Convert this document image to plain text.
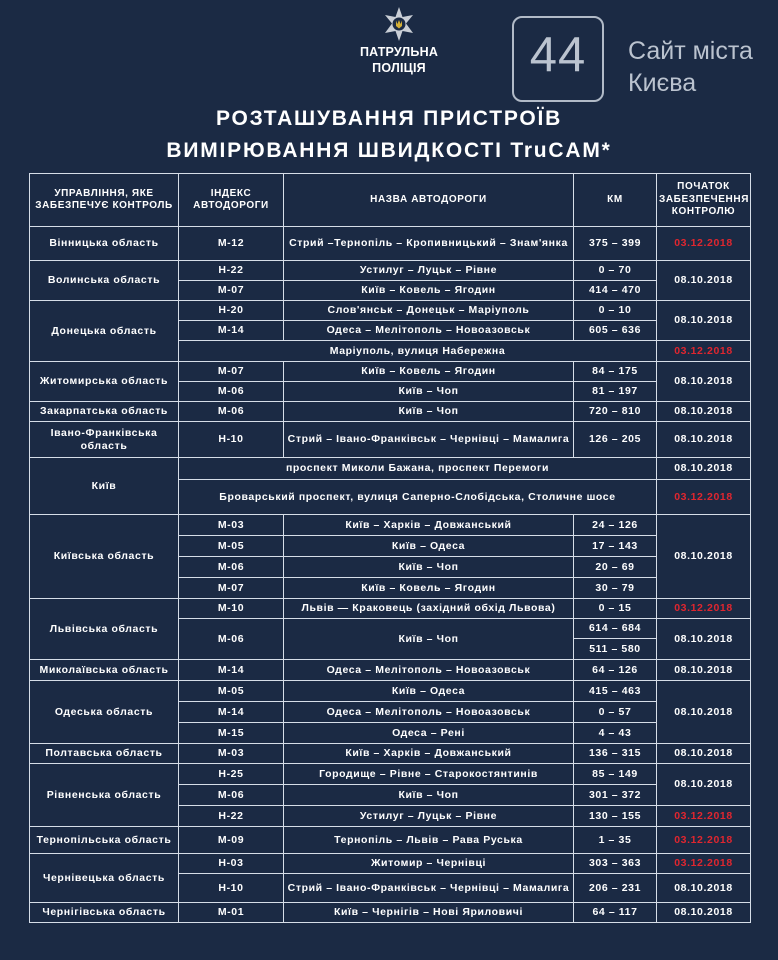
ПАТРУЛЬНА
ПОЛІЦІЯ	44	Сайт міста
Києва
РОЗТАШУВАННЯ ПРИСТРОЇВ
ВИМІРЮВАННЯ ШВИДКОСТІ TruCAM*
УПРАВЛІННЯ, ЯКЕ ЗАБЕЗПЕЧУЄ КОНТРОЛЬ	ІНДЕКС АВТОДОРОГИ	НАЗВА АВТОДОРОГИ	КМ	ПОЧАТОК ЗАБЕЗПЕЧЕННЯ КОНТРОЛЮ
Вінницька область	М-12	Стрий –Тернопіль – Кропивницький – Знам'янка	375 – 399	03.12.2018
Волинська область	Н-22	Устилуг – Луцьк – Рівне	0 – 70	08.10.2018
	М-07	Київ – Ковель – Ягодин	414 – 470	
Донецька область	Н-20	Слов'янськ – Донецьк – Маріуполь	0 – 10	08.10.2018
	М-14	Одеса – Мелітополь – Новоазовськ	605 – 636	
	Маріуполь, вулиця Набережна			03.12.2018
Житомирська область	М-07	Київ – Ковель – Ягодин	84 – 175	08.10.2018
	М-06	Київ – Чоп	81 – 197	
Закарпатська область	М-06	Київ – Чоп	720 – 810	08.10.2018
Івано-Франківська область	Н-10	Стрий – Івано-Франківськ – Чернівці – Мамалига	126 – 205	08.10.2018
Київ	проспект Миколи Бажана, проспект Перемоги			08.10.2018
	Броварський проспект, вулиця Саперно-Слобідська, Столичне шосе			03.12.2018
Київська область	М-03	Київ – Харків – Довжанський	24 – 126	08.10.2018
	М-05	Київ – Одеса	17 – 143	
	М-06	Київ – Чоп	20 – 69	
	М-07	Київ – Ковель – Ягодин	30 – 79	
Львівська область	М-10	Львів — Краковець (західний обхід Львова)	0 – 15	03.12.2018
	М-06	Київ – Чоп	614 – 684	08.10.2018
			511 – 580	
Миколаївська область	М-14	Одеса – Мелітополь – Новоазовськ	64 – 126	08.10.2018
Одеська область	М-05	Київ – Одеса	415 – 463	08.10.2018
	М-14	Одеса – Мелітополь – Новоазовськ	0 – 57	
	М-15	Одеса – Рені	4 – 43	
Полтавська область	М-03	Київ – Харків – Довжанський	136 – 315	08.10.2018
Рівненська область	Н-25	Городище – Рівне – Старокостянтинів	85 – 149	08.10.2018
	М-06	Київ – Чоп	301 – 372	
	Н-22	Устилуг – Луцьк – Рівне	130 – 155	03.12.2018
Тернопільська область	М-09	Тернопіль – Львів – Рава Руська	1 – 35	03.12.2018
Чернівецька область	Н-03	Житомир – Чернівці	303 – 363	03.12.2018
	Н-10	Стрий – Івано-Франківськ – Чернівці – Мамалига	206 – 231	08.10.2018
Чернігівська область	М-01	Київ – Чернігів – Нові Яриловичі	64 – 117	08.10.2018
